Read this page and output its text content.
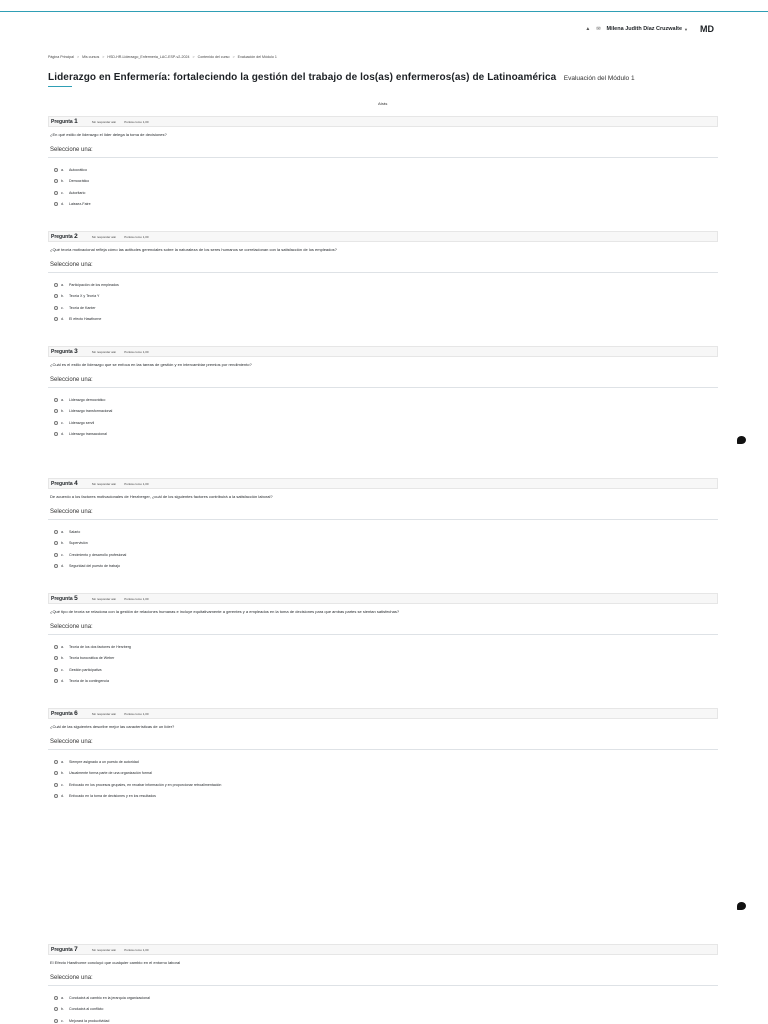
▲ ✉ Milena Judith Díaz Cruzwalte ▼ MD
Página Principal > Mis cursos > HSD-HR-Liderazgo_Enfermeria_LAC-ESP-v2-2024 > Contenido del curso > Evaluación del Módulo 1
Liderazgo en Enfermería: fortaleciendo la gestión del trabajo de los(as) enfermeros(as) de Latinoamérica Evaluación del Módulo 1
Atrás
Pregunta 1	Sin responder aún	Puntúa como 1,00
¿En qué estilo de liderazgo el líder delega la toma de decisiones?
Seleccione una:
a.	Autocrático
b.	Democrático
c.	Autoritario
d.	Laissez-Faire
Pregunta 2	Sin responder aún	Puntúa como 1,00
¿Qué teoría motivacional refleja cómo las actitudes gerenciales sobre la naturaleza de los seres humanos se correlacionan con la satisfacción de los empleados?
Seleccione una:
a.	Participación de los empleados
b.	Teoría X y Teoría Y
c.	Teoría de Kanter
d.	El efecto Hawthorne
Pregunta 3	Sin responder aún	Puntúa como 1,00
¿Cuál es el estilo de liderazgo que se enfoca en las tareas de gestión y en intercambiar premios por rendimiento?
Seleccione una:
a.	Liderazgo democrático
b.	Liderazgo transformacional
c.	Liderazgo servil
d.	Liderazgo transaccional
Pregunta 4	Sin responder aún	Puntúa como 1,00
De acuerdo a los factores motivacionales de Herzberger, ¿cuál de los siguientes factores contribuirá a la satisfacción laboral?
Seleccione una:
a.	Salario
b.	Supervisión
c.	Crecimiento y desarrollo profesional
d.	Seguridad del puesto de trabajo
Pregunta 5	Sin responder aún	Puntúa como 1,00
¿Qué tipo de teoría se relaciona con la gestión de relaciones humanas e incluye equitativamente a gerentes y a empleados en la toma de decisiones para que ambas partes se sientan satisfechas?
Seleccione una:
a.	Teoría de los dos factores de Herzberg
b.	Teoría burocrática de Weber
c.	Gestión participativa
d.	Teoría de la contingencia
Pregunta 6	Sin responder aún	Puntúa como 1,00
¿Cuál de las siguientes describe mejor las características de un líder?
Seleccione una:
a.	Siempre asignado a un puesto de autoridad
b.	Usualmente forma parte de una organización formal
c.	Enfocado en los procesos grupales, en recabar información y en proporcionar retroalimentación
d.	Enfocado en la toma de decisiones y en los resultados
Pregunta 7	Sin responder aún	Puntúa como 1,00
El Efecto Hawthorne concluyó que cualquier cambio en el entorno laboral
Seleccione una:
a.	Conducirá al cambio en la jerarquía organizacional
b.	Conducirá al conflicto
c.	Mejorará la productividad
